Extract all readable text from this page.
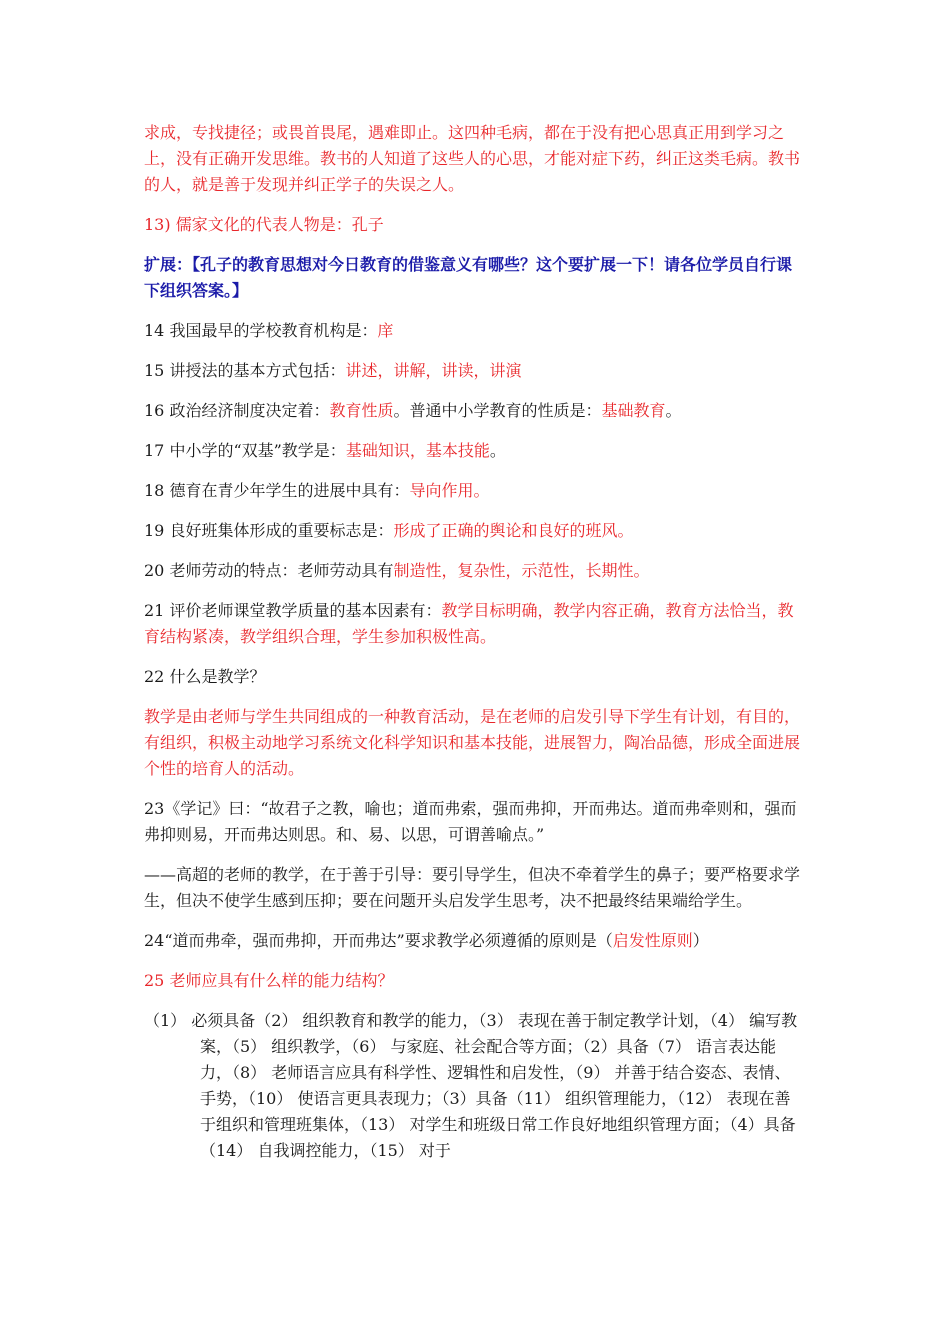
求成，专找捷径；或畏首畏尾，遇难即止。这四种毛病，都在于没有把心思真正用到学习之上，没有正确开发思维。教书的人知道了这些人的心思，才能对症下药，纠正这类毛病。教书的人，就是善于发现并纠正学子的失误之人。

13) 儒家文化的代表人物是：孔子

扩展：【孔子的教育思想对今日教育的借鉴意义有哪些？这个要扩展一下！请各位学员自行课下组织答案。】

14 我国最早的学校教育机构是：庠

15 讲授法的基本方式包括：讲述，讲解，讲读，讲演

16 政治经济制度决定着：教育性质。普通中小学教育的性质是：基础教育。

17 中小学的“双基”教学是：基础知识，基本技能。

18 德育在青少年学生的进展中具有：导向作用。

19 良好班集体形成的重要标志是：形成了正确的舆论和良好的班风。

20 老师劳动的特点：老师劳动具有制造性，复杂性，示范性，长期性。

21 评价老师课堂教学质量的基本因素有：教学目标明确，教学内容正确，教育方法恰当，教育结构紧凑，教学组织合理，学生参加积极性高。

22 什么是教学？

教学是由老师与学生共同组成的一种教育活动，是在老师的启发引导下学生有计划，有目的，有组织，积极主动地学习系统文化科学知识和基本技能，进展智力，陶冶品德，形成全面进展个性的培育人的活动。

23《学记》曰：“故君子之教，喻也；道而弗索，强而弗抑，开而弗达。道而弗牵则和，强而弗抑则易，开而弗达则思。和、易、以思，可谓善喻点。”

——高超的老师的教学，在于善于引导：要引导学生，但决不牵着学生的鼻子；要严格要求学生，但决不使学生感到压抑；要在问题开头启发学生思考，决不把最终结果端给学生。

24“道而弗牵，强而弗抑，开而弗达”要求教学必须遵循的原则是（启发性原则）

25 老师应具有什么样的能力结构？

（1） 必须具备（2） 组织教育和教学的能力，（3） 表现在善于制定教学计划，（4） 编写教案，（5） 组织教学，（6） 与家庭、社会配合等方面；（2）具备（7） 语言表达能力，（8） 老师语言应具有科学性、逻辑性和启发性，（9） 并善于结合姿态、表情、手势，（10） 使语言更具表现力；（3）具备（11） 组织管理能力，（12） 表现在善于组织和管理班集体，（13） 对学生和班级日常工作良好地组织管理方面；（4）具备（14） 自我调控能力，（15） 对于
